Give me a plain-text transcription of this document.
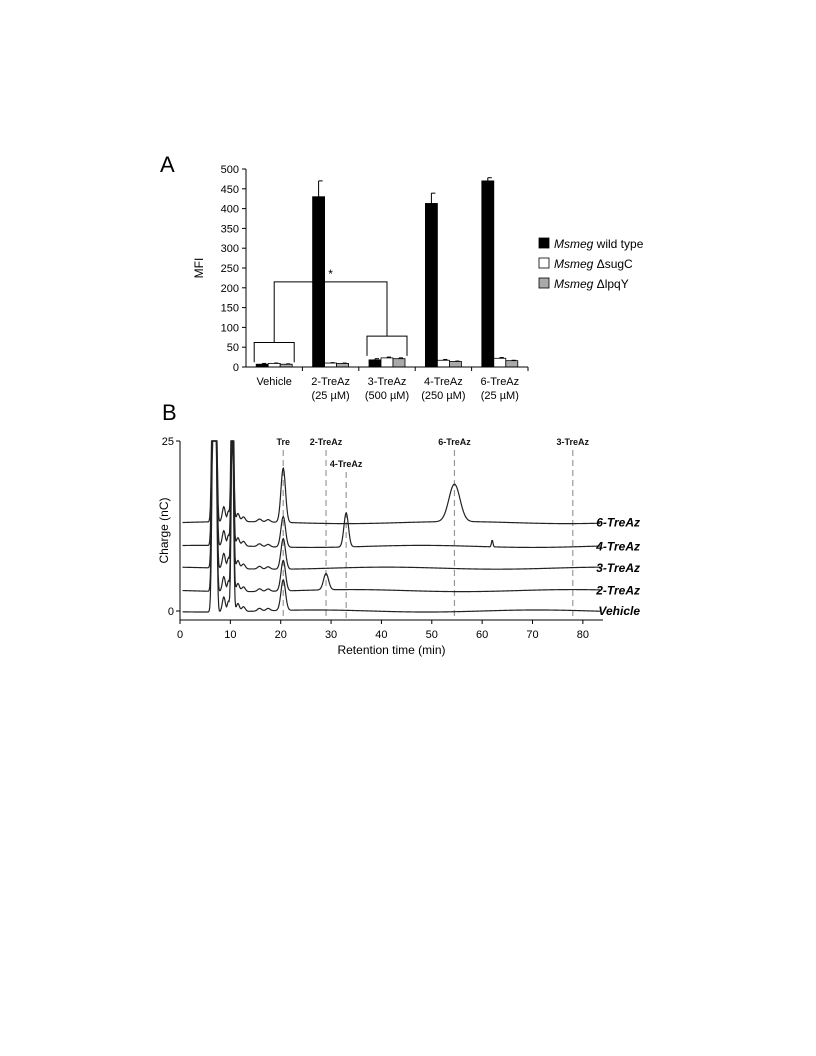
A
MFI
0
50
100
150
200
250
300
350
400
450
500
Vehicle 2-TreAz
(25 µM)
3-TreAz
(500 µM)
4-TreAz
(250 µM)
6-TreAz
(25 µM)
*
Msmeg wild type
Msmeg ΔsugC
Msmeg ΔlpqY
B
Charge (nC)
Retention time (min)
Tre 2-TreAz
4-TreAz
6-TreAz	3-TreAz
6-TreAz
4-TreAz
3-TreAz
2-TreAz
Vehicle
0	10	20	30	40	50	60	70	80
0
25
